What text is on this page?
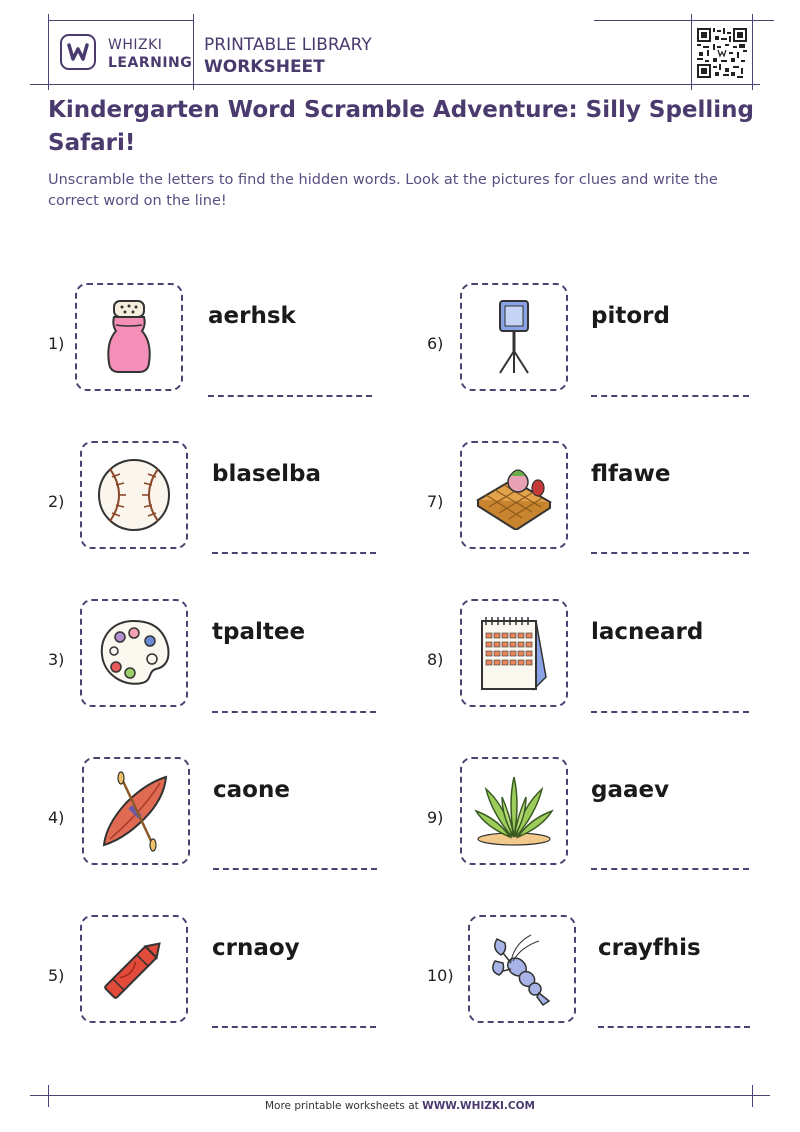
WHIZKI
LEARNING
PRINTABLE LIBRARY
WORKSHEET
Kindergarten Word Scramble Adventure: Silly Spelling Safari!

Unscramble the letters to find the hidden words. Look at the pictures for clues and write the correct word on the line!

1)
aerhsk
2)
blaselba
3)
tpaltee
4)
caone
5)
crnaoy
6)
pitord
7)
flfawe
8)
lacneard
9)
gaaev
10)
crayfhis
More printable worksheets at WWW.WHIZKI.COM
